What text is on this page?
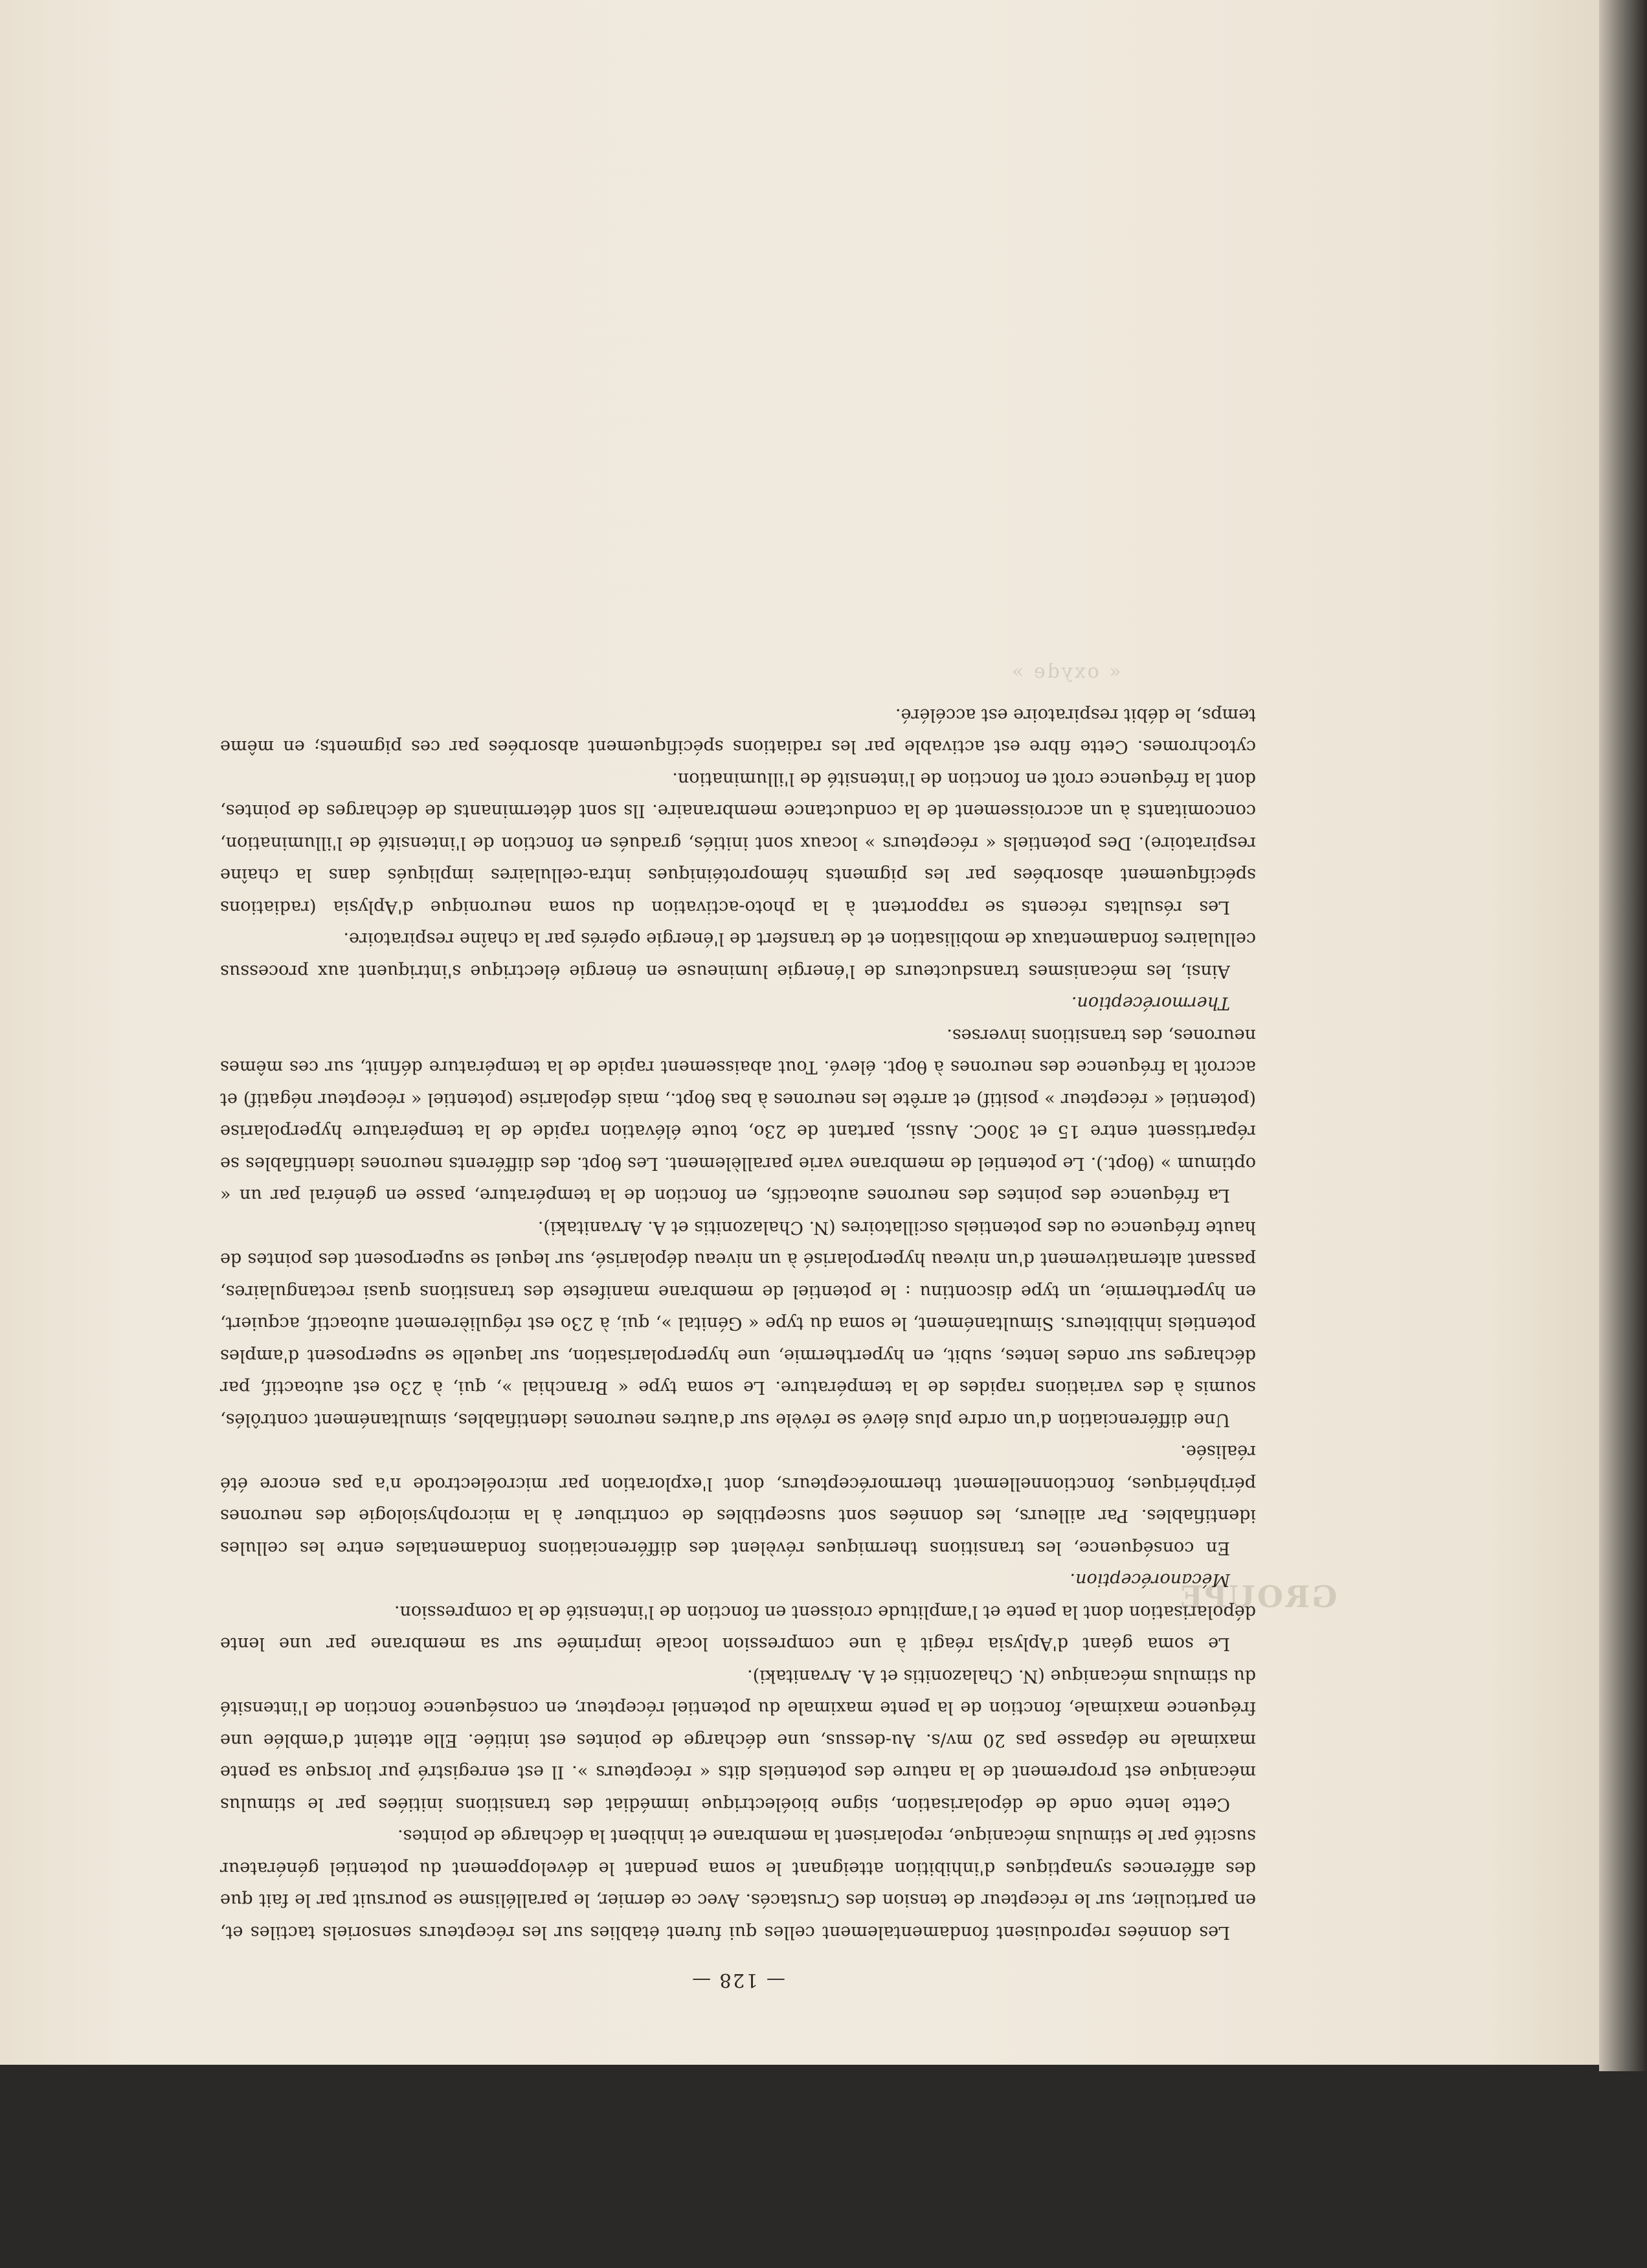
GROUPE
« oxyde »
— 128 —

Les données reproduisent fondamentalement celles qui furent établies sur les récepteurs sensoriels tactiles et, en particulier, sur le récepteur de tension des Crustacés. Avec ce dernier, le parallélisme se poursuit par le fait que des afférences synaptiques d'inhibition atteignant le soma pendant le développement du potentiel générateur suscité par le stimulus mécanique, repolarisent la membrane et inhibent la décharge de pointes.

Cette lente onde de dépolarisation, signe bioélectrique immédiat des transitions initiées par le stimulus mécanique est proprement de la nature des potentiels dits « récepteurs ». Il est enregistré pur lorsque sa pente maximale ne dépasse pas 20 mv/s. Au-dessus, une décharge de pointes est initiée. Elle atteint d'emblée une fréquence maximale, fonction de la pente maximale du potentiel récepteur, en conséquence fonction de l'intensité du stimulus mécanique (N. Chalazonitis et A. Arvanitaki).

Le soma géant d'Aplysia réagit à une compression locale imprimée sur sa membrane par une lente dépolarisation dont la pente et l'amplitude croissent en fonction de l'intensité de la compression.

Mécanoréception.

En conséquence, les transitions thermiques révèlent des différenciations fondamentales entre les cellules identifiables. Par ailleurs, les données sont susceptibles de contribuer à la microphysiologie des neurones périphériques, fonctionnellement thermorécepteurs, dont l'exploration par microélectrode n'a pas encore été réalisée.

Une différenciation d'un ordre plus élevé se révèle sur d'autres neurones identifiables, simultanément contrôlés, soumis à des variations rapides de la température. Le soma type « Branchial », qui, à 23o est autoactif, par décharges sur ondes lentes, subit, en hyperthermie, une hyperpolarisation, sur laquelle se superposent d'amples potentiels inhibiteurs. Simultanément, le soma du type « Génital », qui, à 23o est régulièrement autoactif, acquiert, en hyperthermie, un type discontinu : le potentiel de membrane manifeste des transitions quasi rectangulaires, passant alternativement d'un niveau hyperpolarisé à un niveau dépolarisé, sur lequel se superposent des pointes de haute fréquence ou des potentiels oscillatoires (N. Chalazonitis et A. Arvanitaki).

La fréquence des pointes des neurones autoactifs, en fonction de la température, passe en général par un « optimum » (θopt.). Le potentiel de membrane varie parallèlement. Les θopt. des différents neurones identifiables se répartissent entre 15 et 30oC. Aussi, partant de 23o, toute élévation rapide de la température hyperpolarise (potentiel « récepteur » positif) et arrête les neurones à bas θopt., mais dépolarise (potentiel « récepteur négatif) et accroît la fréquence des neurones à θopt. élevé. Tout abaissement rapide de la température définit, sur ces mêmes neurones, des transitions inverses.

Thermoréception.

Ainsi, les mécanismes transducteurs de l'énergie lumineuse en énergie électrique s'intriquent aux processus cellulaires fondamentaux de mobilisation et de transfert de l'énergie opérés par la chaîne respiratoire.

Les résultats récents se rapportent à la photo-activation du soma neuronique d'Aplysia (radiations spécifiquement absorbées par les pigments hémoprotéiniques intra-cellulaires impliqués dans la chaîne respiratoire). Des potentiels « récepteurs » locaux sont initiés, gradués en fonction de l'intensité de l'illumination, concomitants à un accroissement de la conductance membranaire. Ils sont déterminants de décharges de pointes, dont la fréquence croît en fonction de l'intensité de l'illumination.

cytochromes. Cette fibre est activable par les radiations spécifiquement absorbées par ces pigments; en même temps, le débit respiratoire est accéléré.
